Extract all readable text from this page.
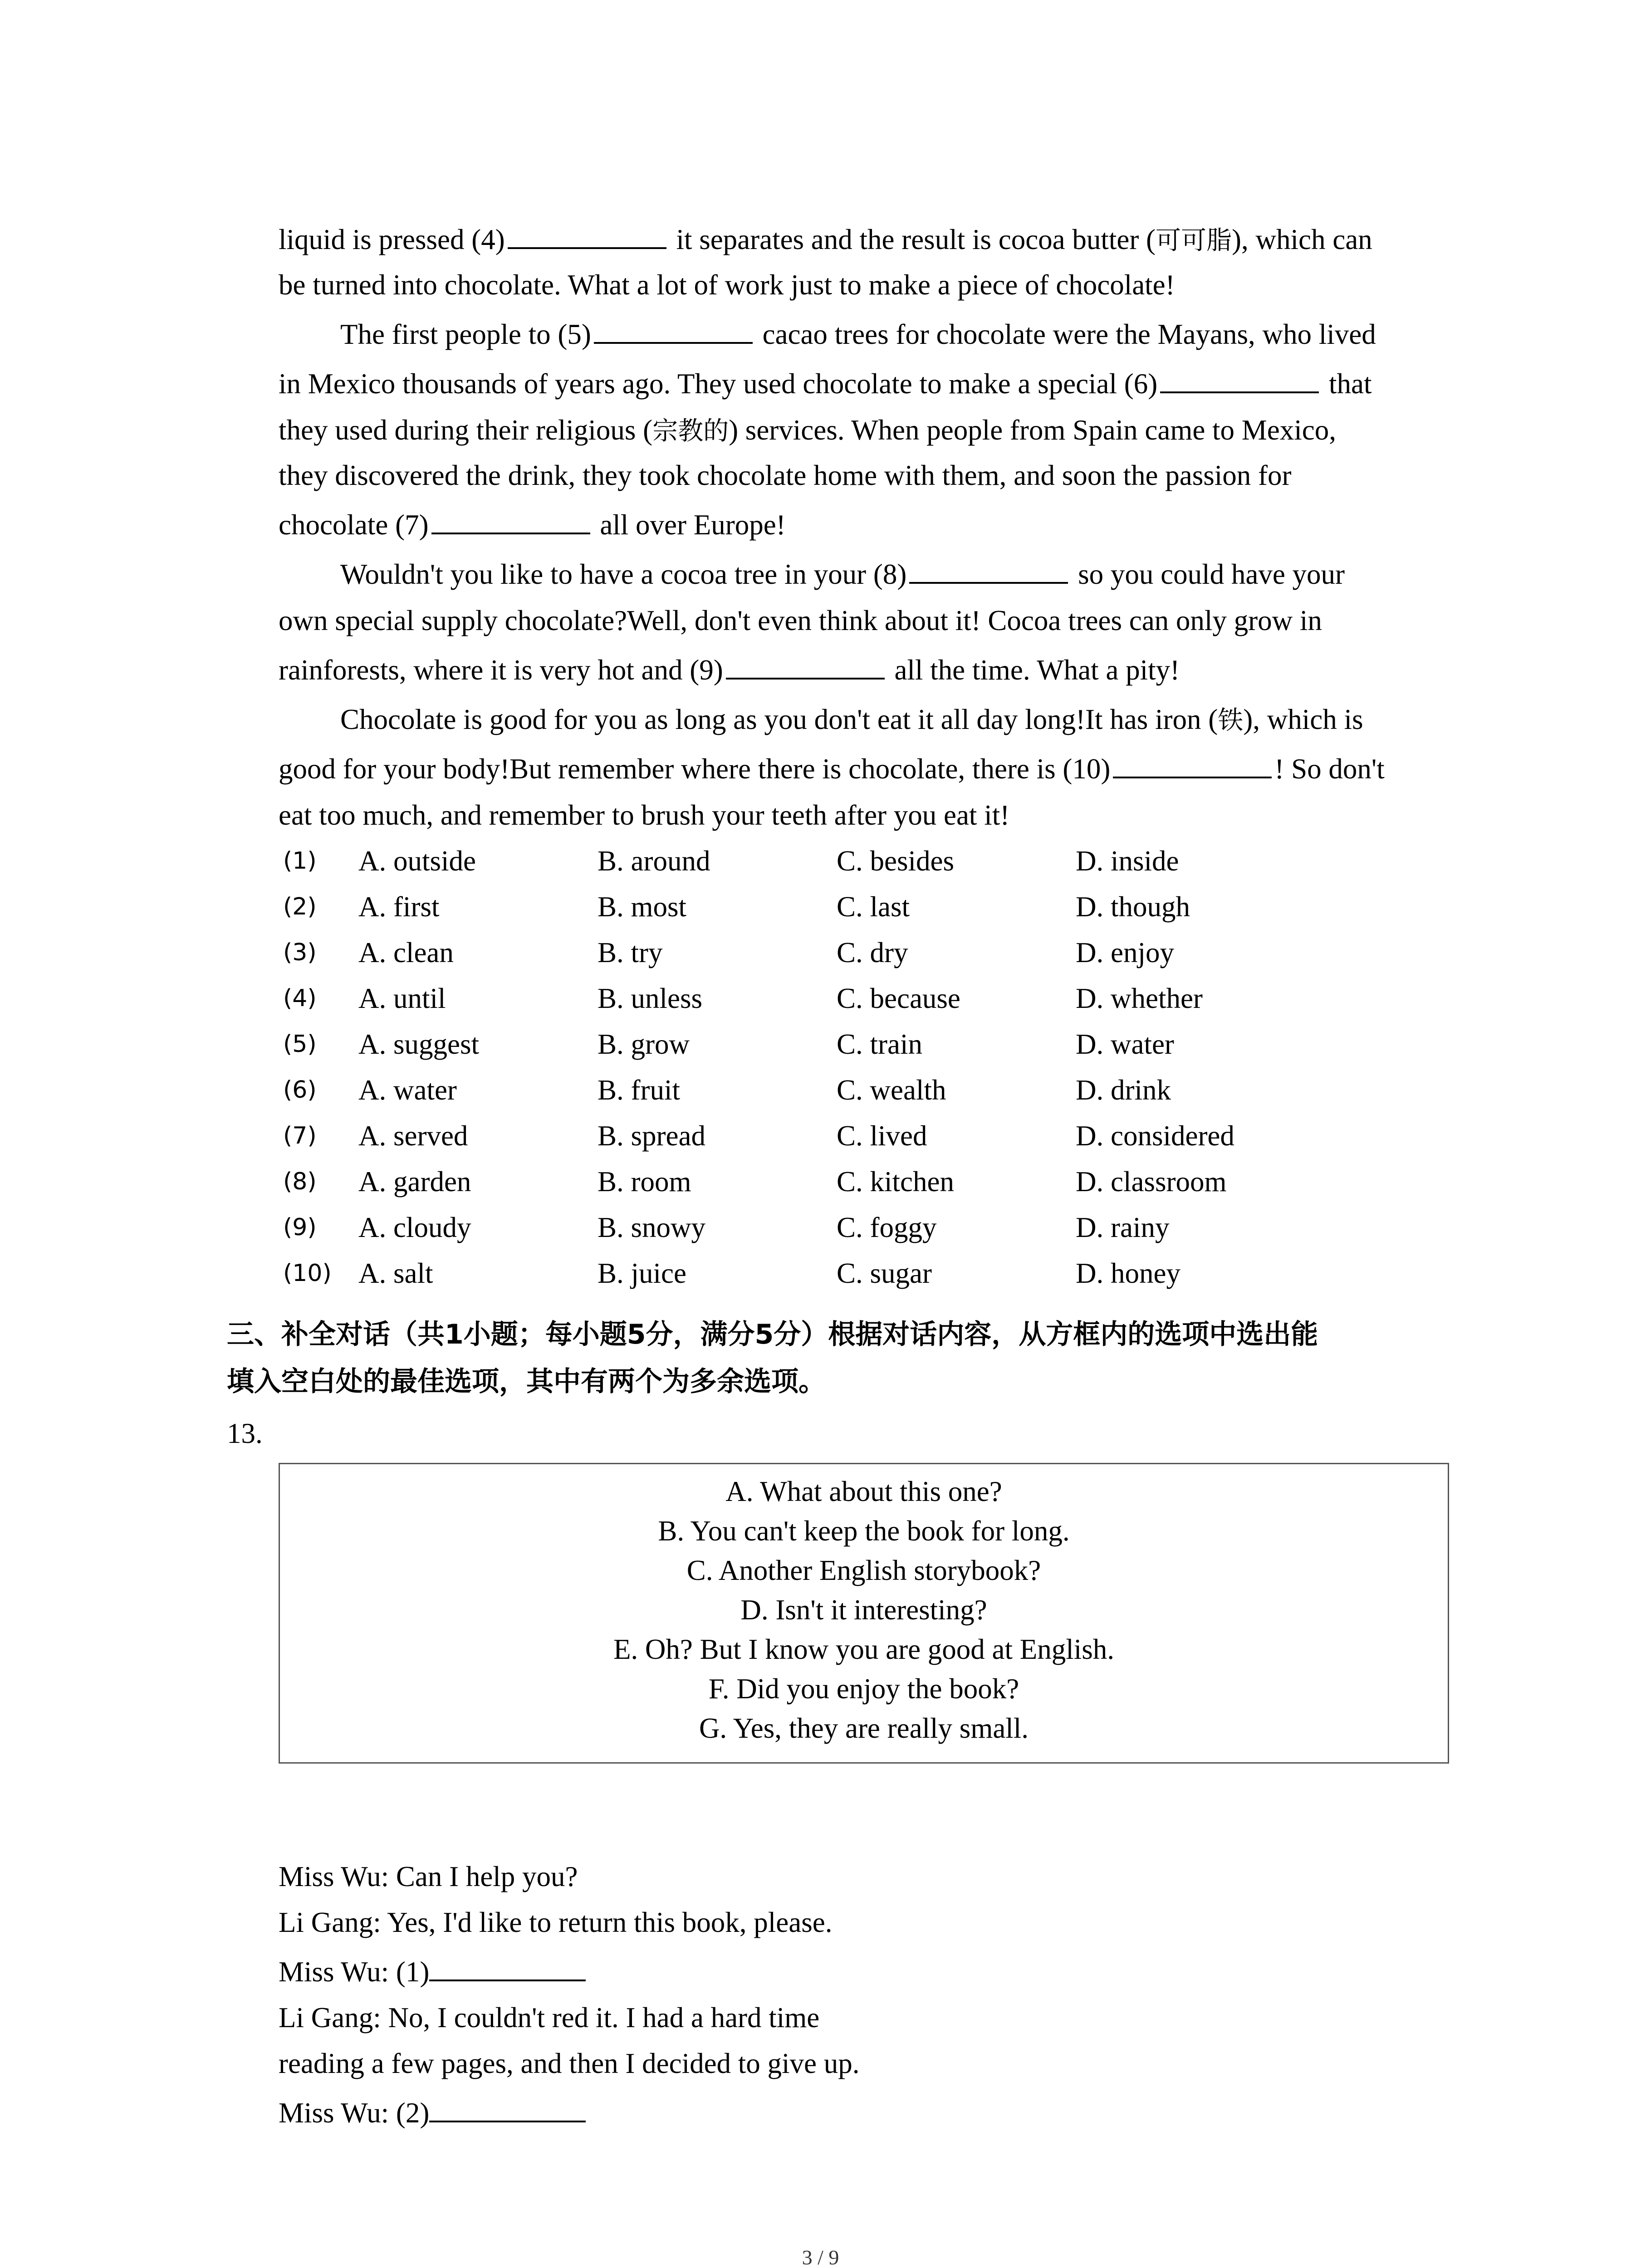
liquid is pressed (4)	it separates and the result is cocoa butter (可可脂), which can

be turned into chocolate. What a lot of work just to make a piece of chocolate!

The first people to (5)	cacao trees for chocolate were the Mayans, who lived

in Mexico thousands of years ago. They used chocolate to make a special (6)	that

they used during their religious (宗教的) services. When people from Spain came to Mexico,

they discovered the drink, they took chocolate home with them, and soon the passion for

chocolate (7)	all over Europe!

Wouldn't you like to have a cocoa tree in your (8)	so you could have your

own special supply chocolate?Well, don't even think about it! Cocoa trees can only grow in

rainforests, where it is very hot and (9)	all the time. What a pity!

Chocolate is good for you as long as you don't eat it all day long!It has iron (铁), which is

good for your body!But remember where there is chocolate, there is (10)	! So don't

eat too much, and remember to brush your teeth after you eat it!

(1) A. outside	B. around	C. besides	D. inside
(2) A. first	B. most	C. last	D. though
(3) A. clean	B. try	C. dry	D. enjoy
(4) A. until	B. unless	C. because	D. whether
(5) A. suggest	B. grow	C. train	D. water
(6) A. water	B. fruit	C. wealth	D. drink
(7) A. served	B. spread	C. lived	D. considered
(8) A. garden	B. room	C. kitchen	D. classroom
(9) A. cloudy	B. snowy	C. foggy	D. rainy
(10) A. salt	B. juice	C. sugar	D. honey

三、补全对话（共1小题；每小题5分，满分5分）根据对话内容，从方框内的选项中选出能
填入空白处的最佳选项，其中有两个为多余选项。

13.
A. What about this one?
B. You can't keep the book for long.
C. Another English storybook?
D. Isn't it interesting?
E. Oh? But I know you are good at English.
F. Did you enjoy the book?
G. Yes, they are really small.

Miss Wu: Can I help you?

Li Gang: Yes, I'd like to return this book, please.

Miss Wu: (1)

Li Gang: No, I couldn't red it. I had a hard time

reading a few pages, and then I decided to give up.

Miss Wu: (2)

3 / 9
